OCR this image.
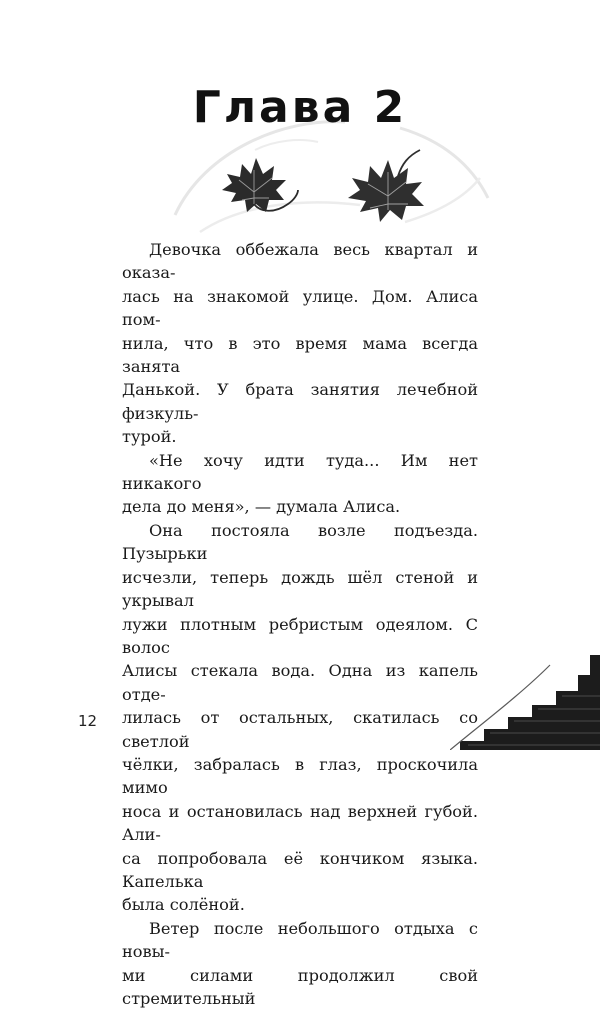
Глава 2

Девочка оббежала весь квартал и оказа-

лась на знакомой улице. Дом. Алиса пом-

нила, что в это время мама всегда занята

Данькой. У брата занятия лечебной физкуль-

турой.

«Не хочу идти туда... Им нет никакого

дела до меня», — думала Алиса.

Она постояла возле подъезда. Пузырьки

исчезли, теперь дождь шёл стеной и укрывал

лужи плотным ребристым одеялом. С волос

Алисы стекала вода. Одна из капель отде-

лилась от остальных, скатилась со светлой

чёлки, забралась в глаз, проскочила мимо

носа и остановилась над верхней губой. Али-

са попробовала её кончиком языка. Капелька

была солёной.

Ветер после небольшого отдыха с новы-

ми силами продолжил свой стремительный

12
